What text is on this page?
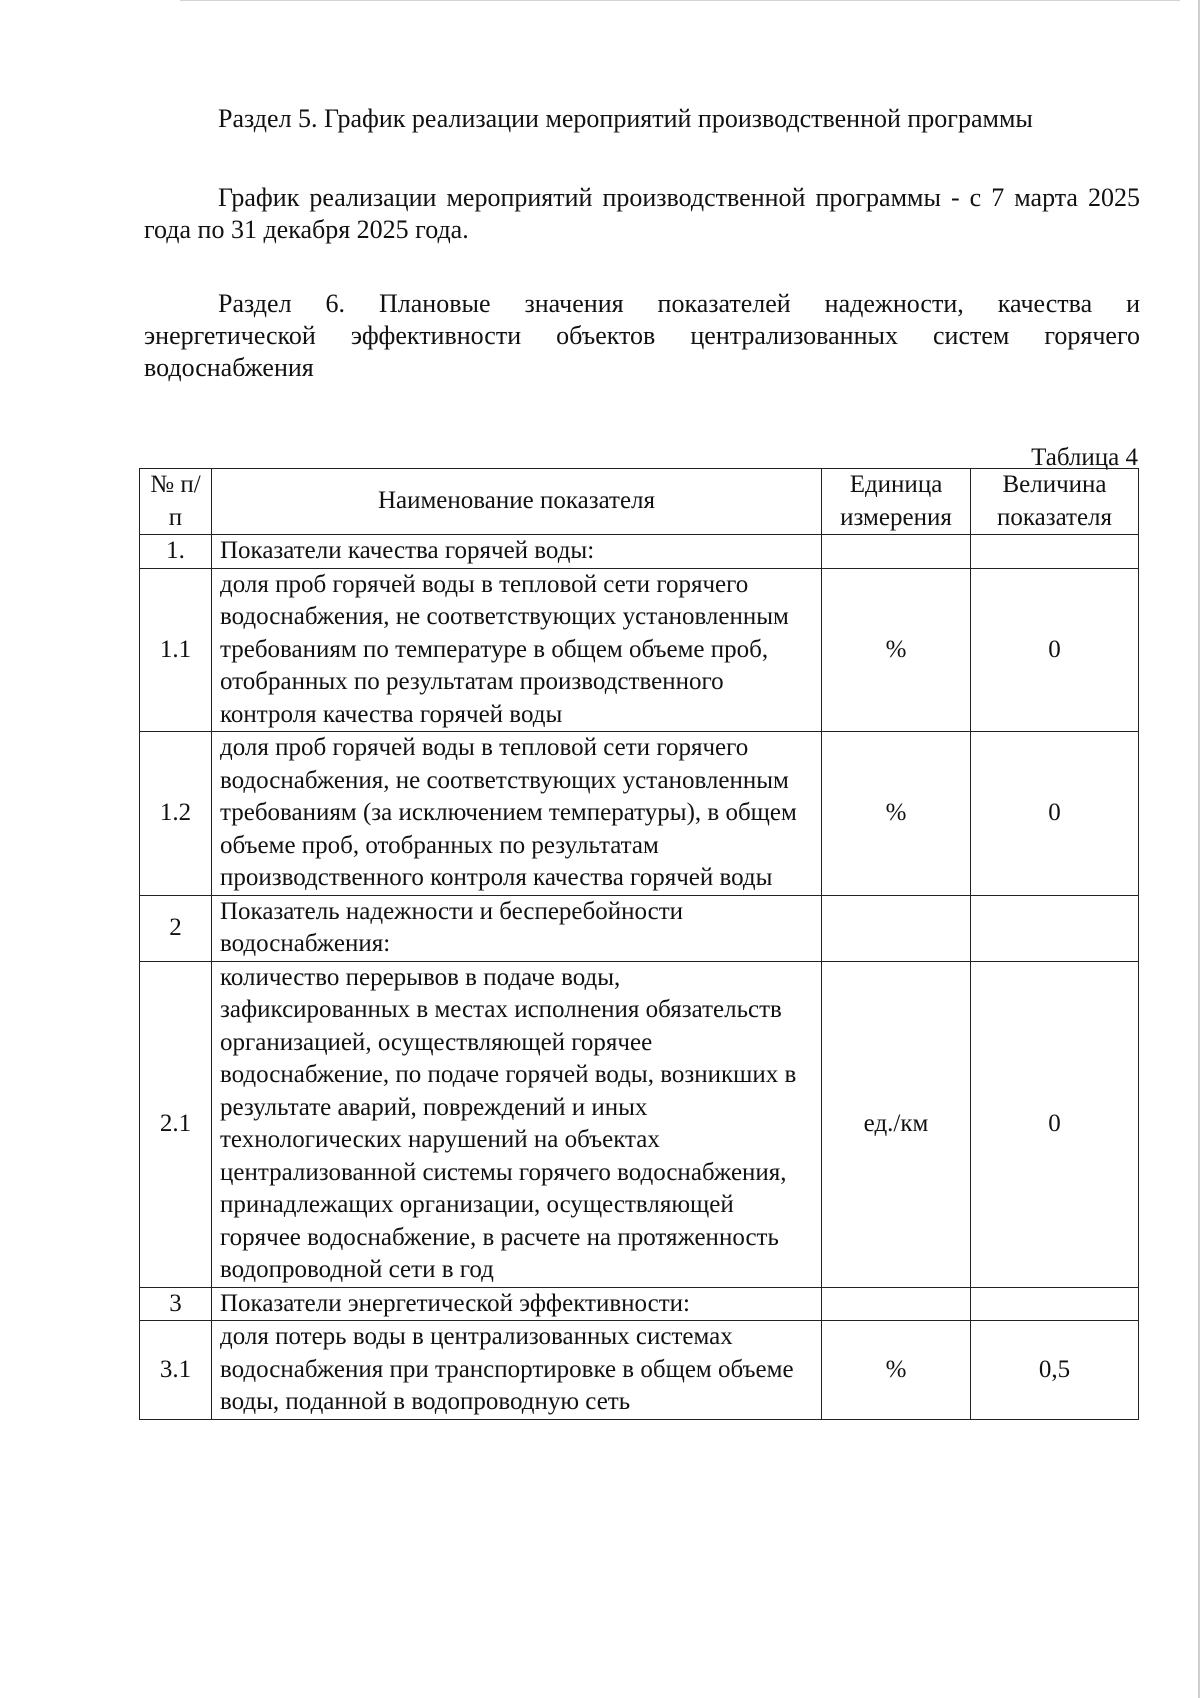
Раздел 5. График реализации мероприятий производственной программы

График реализации мероприятий производственной программы - с 7 марта 2025 года по 31 декабря 2025 года.

Раздел 6. Плановые значения показателей надежности, качества и энергетической эффективности объектов централизованных систем горячего водоснабжения

Таблица 4
№ п/п	Наименование показателя	Единица измерения	Величина показателя
1.	Показатели качества горячей воды:		
1.1	доля проб горячей воды в тепловой сети горячего водоснабжения, не соответствующих установленным требованиям по температуре в общем объеме проб, отобранных по результатам производственного контроля качества горячей воды	%	0
1.2	доля проб горячей воды в тепловой сети горячего водоснабжения, не соответствующих установленным требованиям (за исключением температуры), в общем объеме проб, отобранных по результатам производственного контроля качества горячей воды	%	0
2	Показатель надежности и бесперебойности водоснабжения:		
2.1	количество перерывов в подаче воды, зафиксированных в местах исполнения обязательств организацией, осуществляющей горячее водоснабжение, по подаче горячей воды, возникших в результате аварий, повреждений и иных технологических нарушений на объектах централизованной системы горячего водоснабжения, принадлежащих организации, осуществляющей горячее водоснабжение, в расчете на протяженность водопроводной сети в год	ед./км	0
3	Показатели энергетической эффективности:		
3.1	доля потерь воды в централизованных системах водоснабжения при транспортировке в общем объеме воды, поданной в водопроводную сеть	%	0,5
